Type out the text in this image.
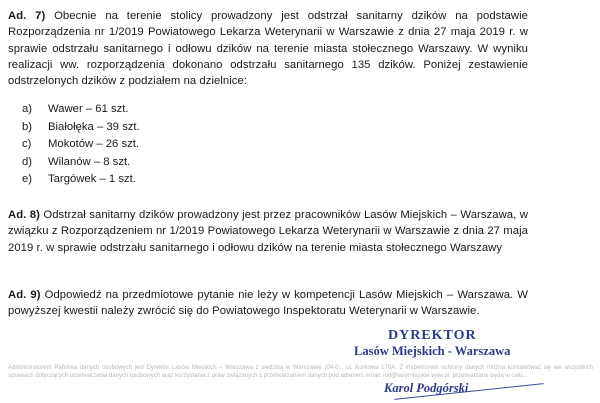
Ad. 7) Obecnie na terenie stolicy prowadzony jest odstrzał sanitarny dzików na podstawie Rozporządzenia nr 1/2019 Powiatowego Lekarza Weterynarii w Warszawie z dnia 27 maja 2019 r. w sprawie odstrzału sanitarnego i odłowu dzików na terenie miasta stołecznego Warszawy. W wyniku realizacji ww. rozporządzenia dokonano odstrzału sanitarnego 135 dzików. Poniżej zestawienie odstrzelonych dzików z podziałem na dzielnice:
a)	Wawer – 61 szt.
b)	Białołęka – 39 szt.
c)	Mokotów – 26 szt.
d)	Wilanów – 8 szt.
e)	Targówek – 1 szt.
Ad. 8) Odstrzał sanitarny dzików prowadzony jest przez pracowników Lasów Miejskich – Warszawa, w związku z Rozporządzeniem nr 1/2019 Powiatowego Lekarza Weterynarii w Warszawie z dnia 27 maja 2019 r. w sprawie odstrzału sanitarnego i odłowu dzików na terenie miasta stołecznego Warszawy
Ad. 9) Odpowiedź na przedmiotowe pytanie nie leży w kompetencji Lasów Miejskich – Warszawa. W powyższej kwestii należy zwrócić się do Powiatowego Inspektoratu Weterynarii w Warszawie.
Administratorem Państwa danych osobowych jest Dyrektor Lasów Miejskich – Warszawa z siedzibą w Warszawie (04-0.., ul. Korkowa 170A. Z inspektorem ochrony danych można kontaktować się we wszystkich sprawach dotyczących przetwarzania danych osobowych oraz korzystania z praw związanych z przetwarzaniem danych pod adresem email: iod@lasymiejskie.waw.pl, przetwarzane będą w celu...
DYREKTOR
Lasów Miejskich - Warszawa
Karol Podgórski
